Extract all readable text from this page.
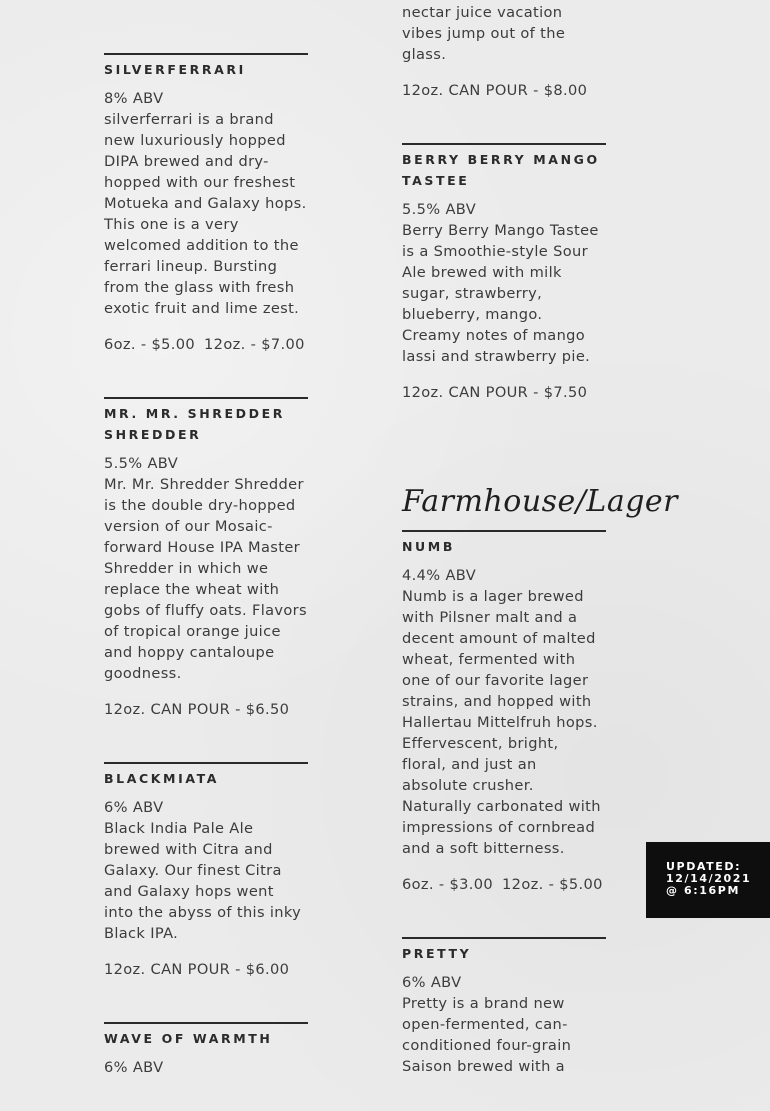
SILVERFERRARI
8% ABV
silverferrari is a brand new luxuriously hopped DIPA brewed and dry-hopped with our freshest Motueka and Galaxy hops. This one is a very welcomed addition to the ferrari lineup. Bursting from the glass with fresh exotic fruit and lime zest.
6oz. - $5.00 12oz. - $7.00
MR. MR. SHREDDER SHREDDER
5.5% ABV
Mr. Mr. Shredder Shredder is the double dry-hopped version of our Mosaic-forward House IPA Master Shredder in which we replace the wheat with gobs of fluffy oats. Flavors of tropical orange juice and hoppy cantaloupe goodness.
12oz. CAN POUR - $6.50
BLACKMIATA
6% ABV
Black India Pale Ale brewed with Citra and Galaxy. Our finest Citra and Galaxy hops went into the abyss of this inky Black IPA.
12oz. CAN POUR - $6.00
WAVE OF WARMTH
6% ABV
nectar juice vacation vibes jump out of the glass.
12oz. CAN POUR - $8.00
BERRY BERRY MANGO TASTEE
5.5% ABV
Berry Berry Mango Tastee is a Smoothie-style Sour Ale brewed with milk sugar, strawberry, blueberry, mango. Creamy notes of mango lassi and strawberry pie.
12oz. CAN POUR - $7.50
Farmhouse/Lager
NUMB
4.4% ABV
Numb is a lager brewed with Pilsner malt and a decent amount of malted wheat, fermented with one of our favorite lager strains, and hopped with Hallertau Mittelfruh hops. Effervescent, bright, floral, and just an absolute crusher. Naturally carbonated with impressions of cornbread and a soft bitterness.
6oz. - $3.00 12oz. - $5.00
PRETTY
6% ABV
Pretty is a brand new open-fermented, can-conditioned four-grain Saison brewed with a
UPDATED:
12/14/2021
@ 6:16PM
